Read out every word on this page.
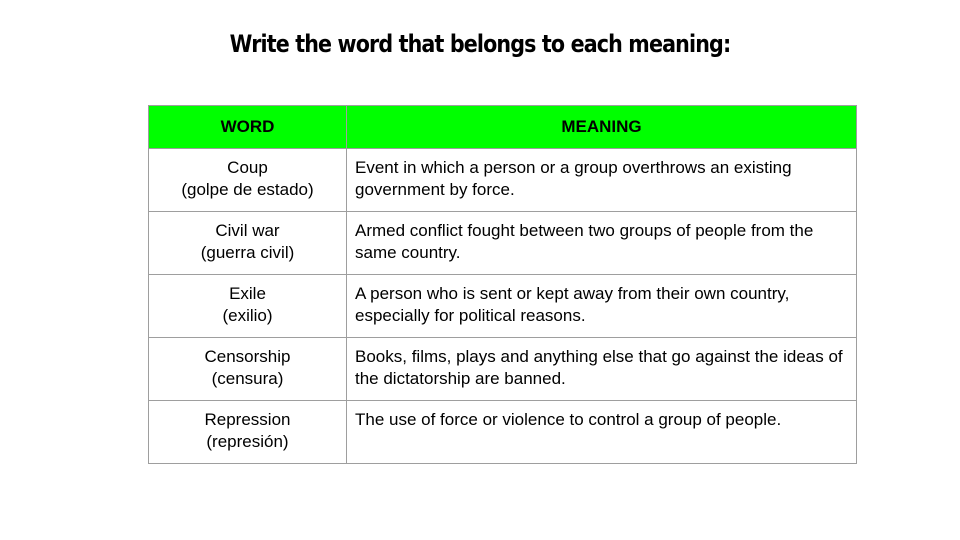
Write the word that belongs to each meaning:
WORD	MEANING

Coup
(golpe de estado)	Event in which a person or a group overthrows an existing government by force.

Civil war
(guerra civil)	Armed conflict fought between two groups of people from the same country.

Exile
(exilio)	A person who is sent or kept away from their own country, especially for political reasons.

Censorship
(censura)	Books, films, plays and anything else that go against the ideas of the dictatorship are banned.

Repression
(represión)	The use of force or violence to control a group of people.
